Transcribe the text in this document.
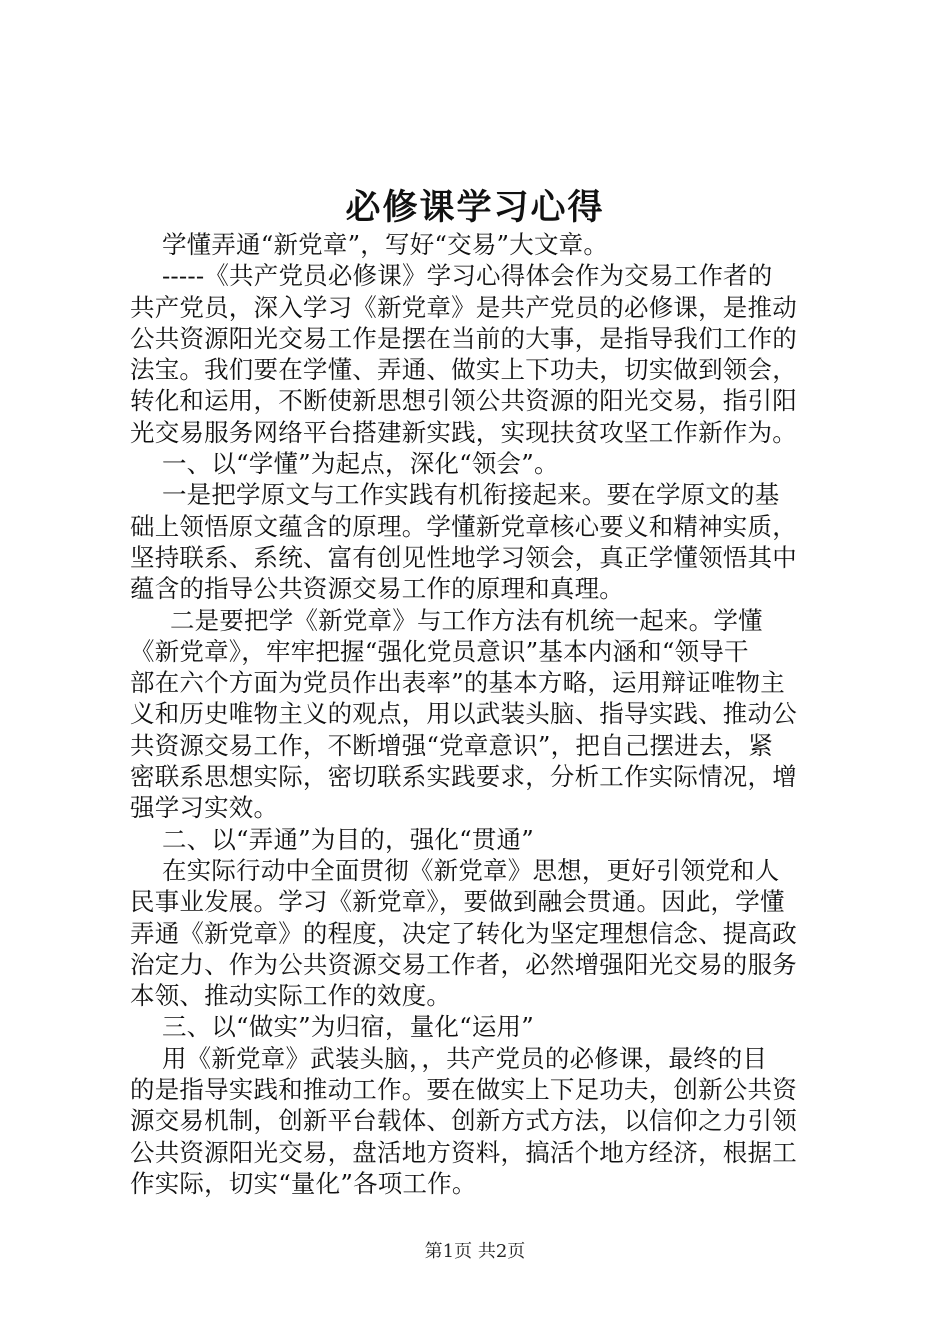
必修课学习心得
学懂弄通“新党章”，写好“交易”大文章。
-----《共产党员必修课》学习心得体会作为交易工作者的
共产党员，深入学习《新党章》是共产党员的必修课，是推动
公共资源阳光交易工作是摆在当前的大事，是指导我们工作的
法宝。我们要在学懂、弄通、做实上下功夫，切实做到领会，
转化和运用，不断使新思想引领公共资源的阳光交易，指引阳
光交易服务网络平台搭建新实践，实现扶贫攻坚工作新作为。
一、以“学懂”为起点，深化“领会”。
一是把学原文与工作实践有机衔接起来。要在学原文的基
础上领悟原文蕴含的原理。学懂新党章核心要义和精神实质，
坚持联系、系统、富有创见性地学习领会，真正学懂领悟其中
蕴含的指导公共资源交易工作的原理和真理。
二是要把学《新党章》与工作方法有机统一起来。学懂
《新党章》，牢牢把握“强化党员意识”基本内涵和“领导干
部在六个方面为党员作出表率”的基本方略，运用辩证唯物主
义和历史唯物主义的观点，用以武装头脑、指导实践、推动公
共资源交易工作，不断增强“党章意识”，把自己摆进去，紧
密联系思想实际，密切联系实践要求，分析工作实际情况，增
强学习实效。
二、以“弄通”为目的，强化“贯通”
在实际行动中全面贯彻《新党章》思想，更好引领党和人
民事业发展。学习《新党章》，要做到融会贯通。因此，学懂
弄通《新党章》的程度，决定了转化为坚定理想信念、提高政
治定力、作为公共资源交易工作者，必然增强阳光交易的服务
本领、推动实际工作的效度。
三、以“做实”为归宿，量化“运用”
用《新党章》武装头脑，，共产党员的必修课，最终的目
的是指导实践和推动工作。要在做实上下足功夫，创新公共资
源交易机制，创新平台载体、创新方式方法，以信仰之力引领
公共资源阳光交易，盘活地方资料，搞活个地方经济，根据工
作实际，切实“量化”各项工作。
第1页 共2页
